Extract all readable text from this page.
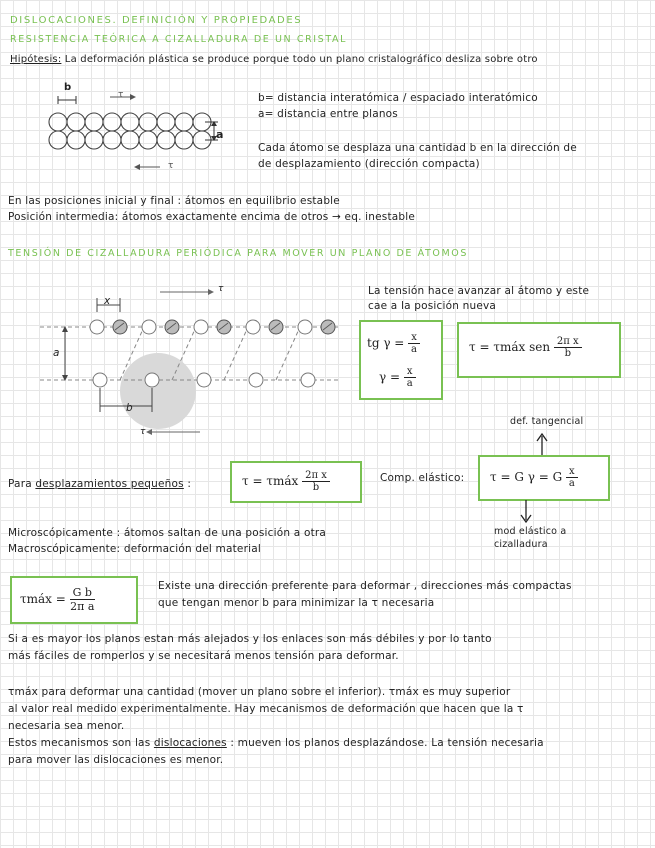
DISLOCACIONES. DEFINICIÓN Y PROPIEDADES
RESISTENCIA TEÓRICA A CIZALLADURA DE UN CRISTAL
Hipótesis: La deformación plástica se produce porque todo un plano cristalográfico desliza sobre otro
b
a
τ
τ
b= distancia interatómica / espaciado interatómico
a= distancia entre planos
Cada átomo se desplaza una cantidad b en la dirección de
de desplazamiento (dirección compacta)
En las posiciones inicial y final : átomos en equilibrio estable
Posición intermedia: átomos exactamente encima de otros → eq. inestable
TENSIÓN DE CIZALLADURA PERIÓDICA PARA MOVER UN PLANO DE ÁTOMOS
x
τ
a
b
τ
La tensión hace avanzar al átomo y este
cae a la posición nueva
tg $\gamma = \frac{x}{a}$
$\gamma = \frac{x}{a}$
τ = τmáx sen $\frac{\text{2π x}}{b}$
Para desplazamientos pequeños :	τ = τmáx $\frac{\text{2π x}}{b}$	Comp. elástico:
def. tangencial
τ = G γ = G $\frac{x}{a}$
mod elástico a
cizalladura
Microscópicamente : átomos saltan de una posición a otra
Macroscópicamente: deformación del material
τmáx = $\frac{\text{G b}}{\text{2π a}}$	Existe una dirección preferente para deformar , direcciones más compactas
que tengan menor b para minimizar la τ necesaria
Si a es mayor los planos estan más alejados y los enlaces son más débiles y por lo tanto
más fáciles de romperlos y se necesitará menos tensión para deformar.
τmáx para deformar una cantidad (mover un plano sobre el inferior). τmáx es muy superior
al valor real medido experimentalmente. Hay mecanismos de deformación que hacen que la τ
necesaria sea menor.
Estos mecanismos son las dislocaciones : mueven los planos desplazándose. La tensión necesaria
para mover las dislocaciones es menor.
